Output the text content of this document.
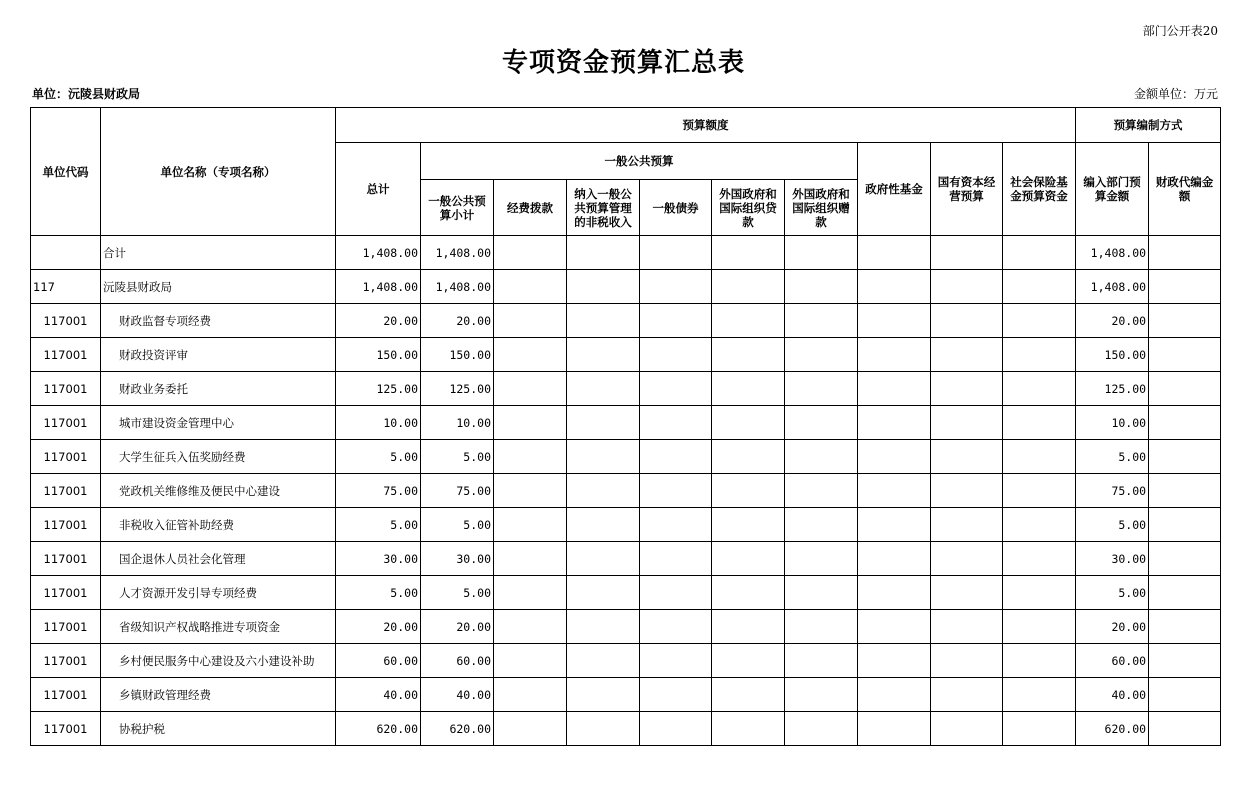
部门公开表20
专项资金预算汇总表
单位：沅陵县财政局	金额单位：万元
单位代码	单位名称（专项名称）	预算额度										预算编制方式	
		总计	一般公共预算						政府性基金	国有资本经营预算	社会保险基金预算资金	编入部门预算金额	财政代编金额
			一般公共预算小计	经费拨款	纳入一般公共预算管理的非税收入	一般债券	外国政府和国际组织贷款	外国政府和国际组织赠款					
	合计	1,408.00	1,408.00									1,408.00	
117	沅陵县财政局	1,408.00	1,408.00									1,408.00	
117001	财政监督专项经费	20.00	20.00									20.00	
117001	财政投资评审	150.00	150.00									150.00	
117001	财政业务委托	125.00	125.00									125.00	
117001	城市建设资金管理中心	10.00	10.00									10.00	
117001	大学生征兵入伍奖励经费	5.00	5.00									5.00	
117001	党政机关维修维及便民中心建设	75.00	75.00									75.00	
117001	非税收入征管补助经费	5.00	5.00									5.00	
117001	国企退休人员社会化管理	30.00	30.00									30.00	
117001	人才资源开发引导专项经费	5.00	5.00									5.00	
117001	省级知识产权战略推进专项资金	20.00	20.00									20.00	
117001	乡村便民服务中心建设及六小建设补助	60.00	60.00									60.00	
117001	乡镇财政管理经费	40.00	40.00									40.00	
117001	协税护税	620.00	620.00									620.00	
